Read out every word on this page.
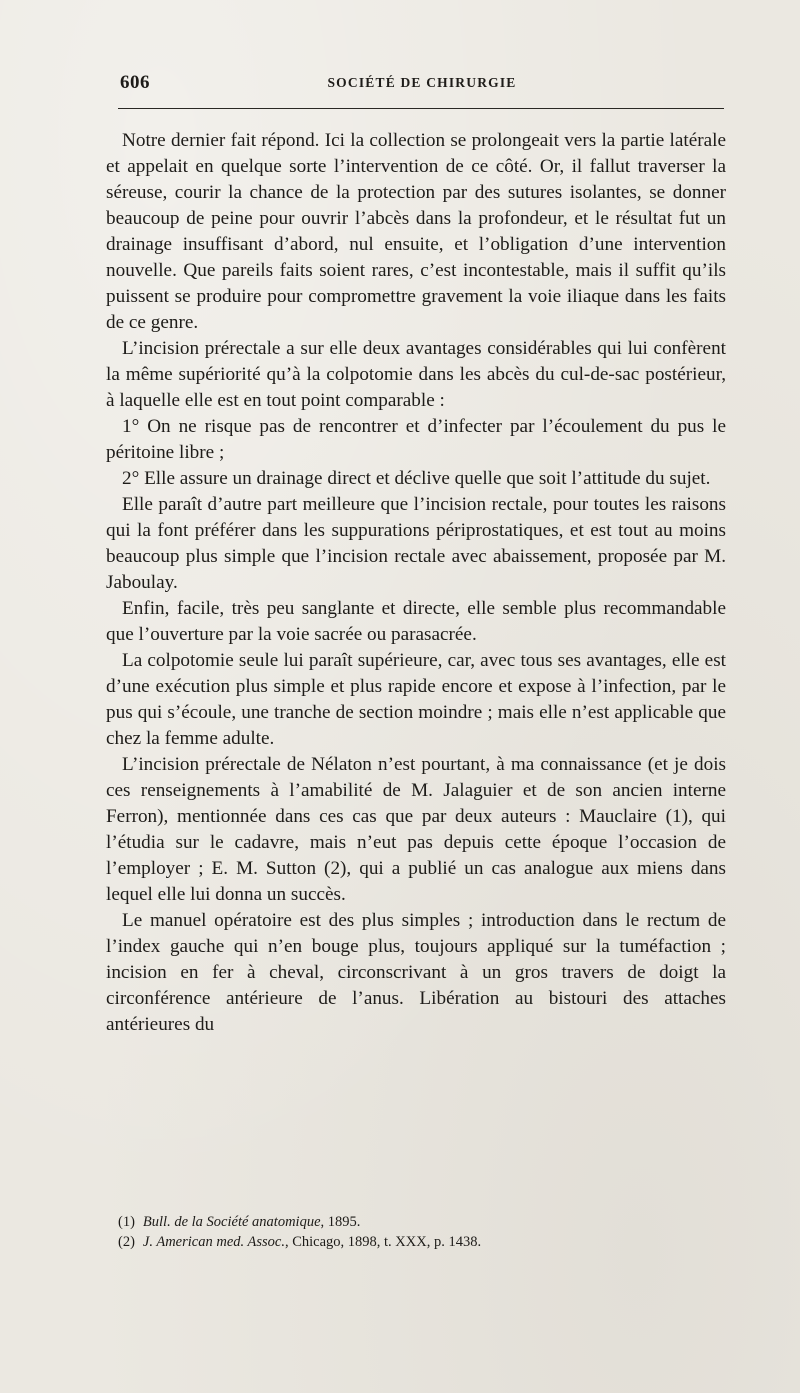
606	SOCIÉTÉ DE CHIRURGIE

Notre dernier fait répond. Ici la collection se prolongeait vers la partie latérale et appelait en quelque sorte l’intervention de ce côté. Or, il fallut traverser la séreuse, courir la chance de la protection par des sutures isolantes, se donner beaucoup de peine pour ouvrir l’abcès dans la profondeur, et le résultat fut un drainage insuffisant d’abord, nul ensuite, et l’obligation d’une intervention nouvelle. Que pareils faits soient rares, c’est incontestable, mais il suffit qu’ils puissent se produire pour compromettre gravement la voie iliaque dans les faits de ce genre.

L’incision prérectale a sur elle deux avantages considérables qui lui confèrent la même supériorité qu’à la colpotomie dans les abcès du cul-de-sac postérieur, à laquelle elle est en tout point comparable :

1° On ne risque pas de rencontrer et d’infecter par l’écoulement du pus le péritoine libre ;

2° Elle assure un drainage direct et déclive quelle que soit l’attitude du sujet.

Elle paraît d’autre part meilleure que l’incision rectale, pour toutes les raisons qui la font préférer dans les suppurations périprostatiques, et est tout au moins beaucoup plus simple que l’incision rectale avec abaissement, proposée par M. Jaboulay.

Enfin, facile, très peu sanglante et directe, elle semble plus recommandable que l’ouverture par la voie sacrée ou parasacrée.

La colpotomie seule lui paraît supérieure, car, avec tous ses avantages, elle est d’une exécution plus simple et plus rapide encore et expose à l’infection, par le pus qui s’écoule, une tranche de section moindre ; mais elle n’est applicable que chez la femme adulte.

L’incision prérectale de Nélaton n’est pourtant, à ma connaissance (et je dois ces renseignements à l’amabilité de M. Jalaguier et de son ancien interne Ferron), mentionnée dans ces cas que par deux auteurs : Mauclaire (1), qui l’étudia sur le cadavre, mais n’eut pas depuis cette époque l’occasion de l’employer ; E. M. Sutton (2), qui a publié un cas analogue aux miens dans lequel elle lui donna un succès.

Le manuel opératoire est des plus simples ; introduction dans le rectum de l’index gauche qui n’en bouge plus, toujours appliqué sur la tuméfaction ; incision en fer à cheval, circonscrivant à un gros travers de doigt la circonférence antérieure de l’anus. Libération au bistouri des attaches antérieures du

(1) Bull. de la Société anatomique, 1895.

(2) J. American med. Assoc., Chicago, 1898, t. XXX, p. 1438.
